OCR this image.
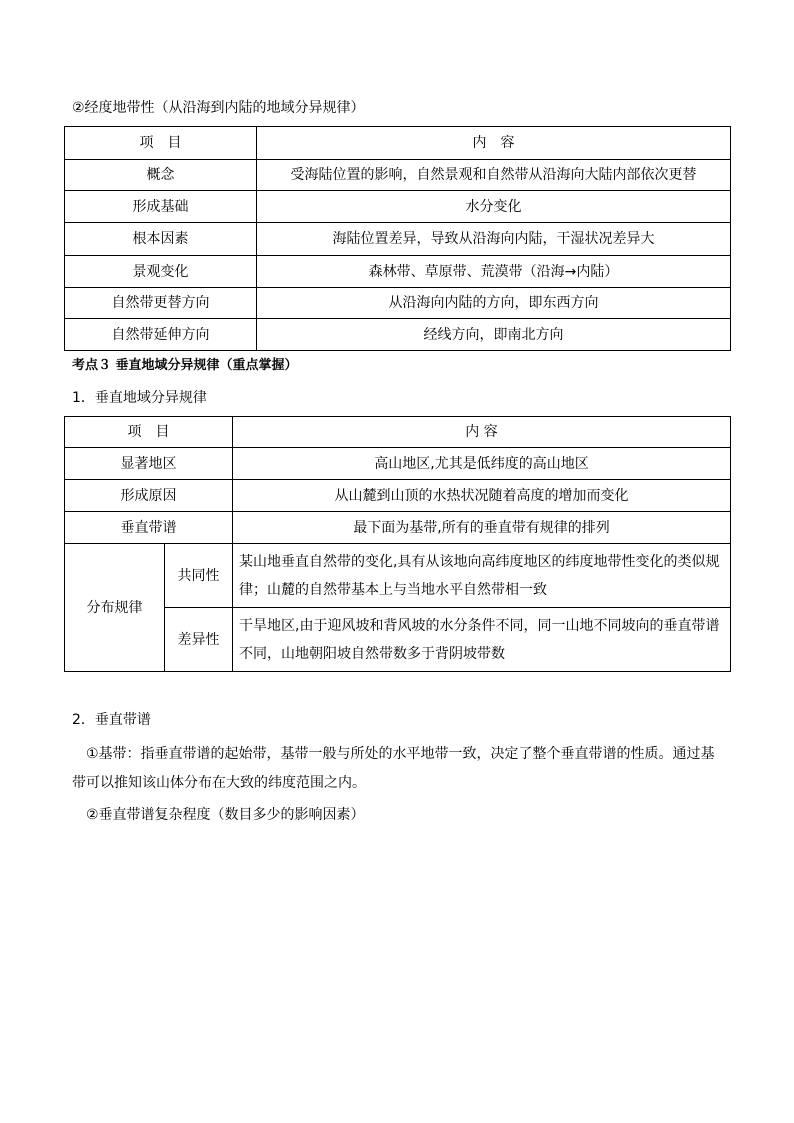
②经度地带性（从沿海到内陆的地域分异规律）
项　目	内　容
概念	受海陆位置的影响，自然景观和自然带从沿海向大陆内部依次更替
形成基础	水分变化
根本因素	海陆位置差异，导致从沿海向内陆，干湿状况差异大
景观变化	森林带、草原带、荒漠带（沿海→内陆）
自然带更替方向	从沿海向内陆的方向，即东西方向
自然带延伸方向	经线方向，即南北方向
考点３ 垂直地域分异规律（重点掌握）
1．垂直地域分异规律
项　目		内 容
显著地区		高山地区,尤其是低纬度的高山地区
形成原因		从山麓到山顶的水热状况随着高度的增加而变化
垂直带谱		最下面为基带,所有的垂直带有规律的排列
分布规律	共同性	某山地垂直自然带的变化,具有从该地向高纬度地区的纬度地带性变化的类似规律；山麓的自然带基本上与当地水平自然带相一致
	差异性	干旱地区,由于迎风坡和背风坡的水分条件不同，同一山地不同坡向的垂直带谱不同，山地朝阳坡自然带数多于背阴坡带数
2．垂直带谱
①基带：指垂直带谱的起始带，基带一般与所处的水平地带一致，决定了整个垂直带谱的性质。通过基带可以推知该山体分布在大致的纬度范围之内。
②垂直带谱复杂程度（数目多少的影响因素）
